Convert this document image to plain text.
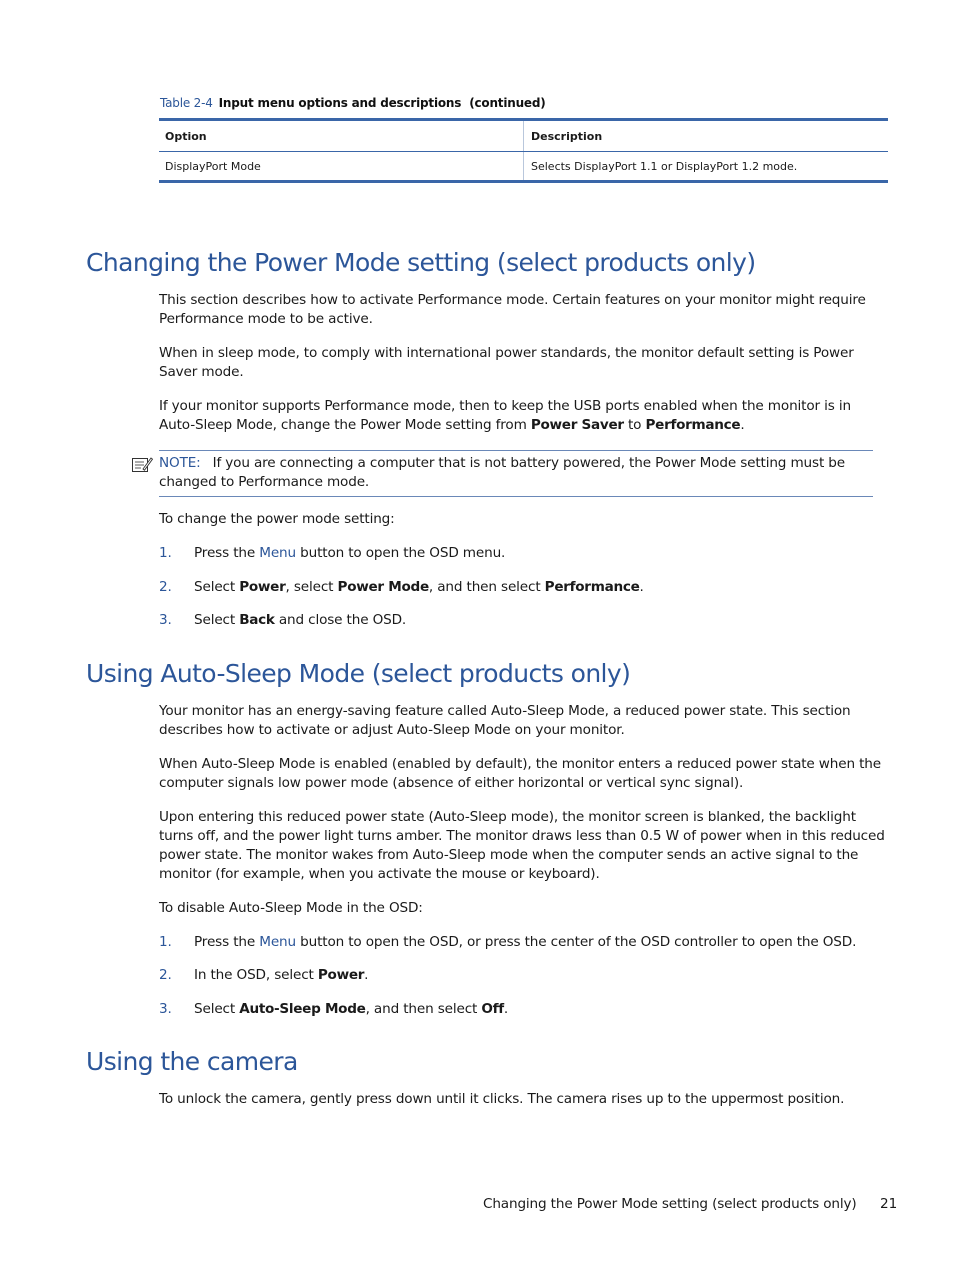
Table 2-4 Input menu options and descriptions (continued)
Option	Description
DisplayPort Mode	Selects DisplayPort 1.1 or DisplayPort 1.2 mode.
Changing the Power Mode setting (select products only)
This section describes how to activate Performance mode. Certain features on your monitor might require Performance mode to be active.
When in sleep mode, to comply with international power standards, the monitor default setting is Power Saver mode.
If your monitor supports Performance mode, then to keep the USB ports enabled when the monitor is in Auto-Sleep Mode, change the Power Mode setting from Power Saver to Performance.
NOTE: If you are connecting a computer that is not battery powered, the Power Mode setting must be changed to Performance mode.
To change the power mode setting:
1. Press the Menu button to open the OSD menu.
2. Select Power, select Power Mode, and then select Performance.
3. Select Back and close the OSD.
Using Auto-Sleep Mode (select products only)
Your monitor has an energy-saving feature called Auto-Sleep Mode, a reduced power state. This section describes how to activate or adjust Auto-Sleep Mode on your monitor.
When Auto-Sleep Mode is enabled (enabled by default), the monitor enters a reduced power state when the computer signals low power mode (absence of either horizontal or vertical sync signal).
Upon entering this reduced power state (Auto-Sleep mode), the monitor screen is blanked, the backlight turns off, and the power light turns amber. The monitor draws less than 0.5 W of power when in this reduced power state. The monitor wakes from Auto-Sleep mode when the computer sends an active signal to the monitor (for example, when you activate the mouse or keyboard).
To disable Auto-Sleep Mode in the OSD:
1. Press the Menu button to open the OSD, or press the center of the OSD controller to open the OSD.
2. In the OSD, select Power.
3. Select Auto-Sleep Mode, and then select Off.
Using the camera
To unlock the camera, gently press down until it clicks. The camera rises up to the uppermost position.
Changing the Power Mode setting (select products only) 21
